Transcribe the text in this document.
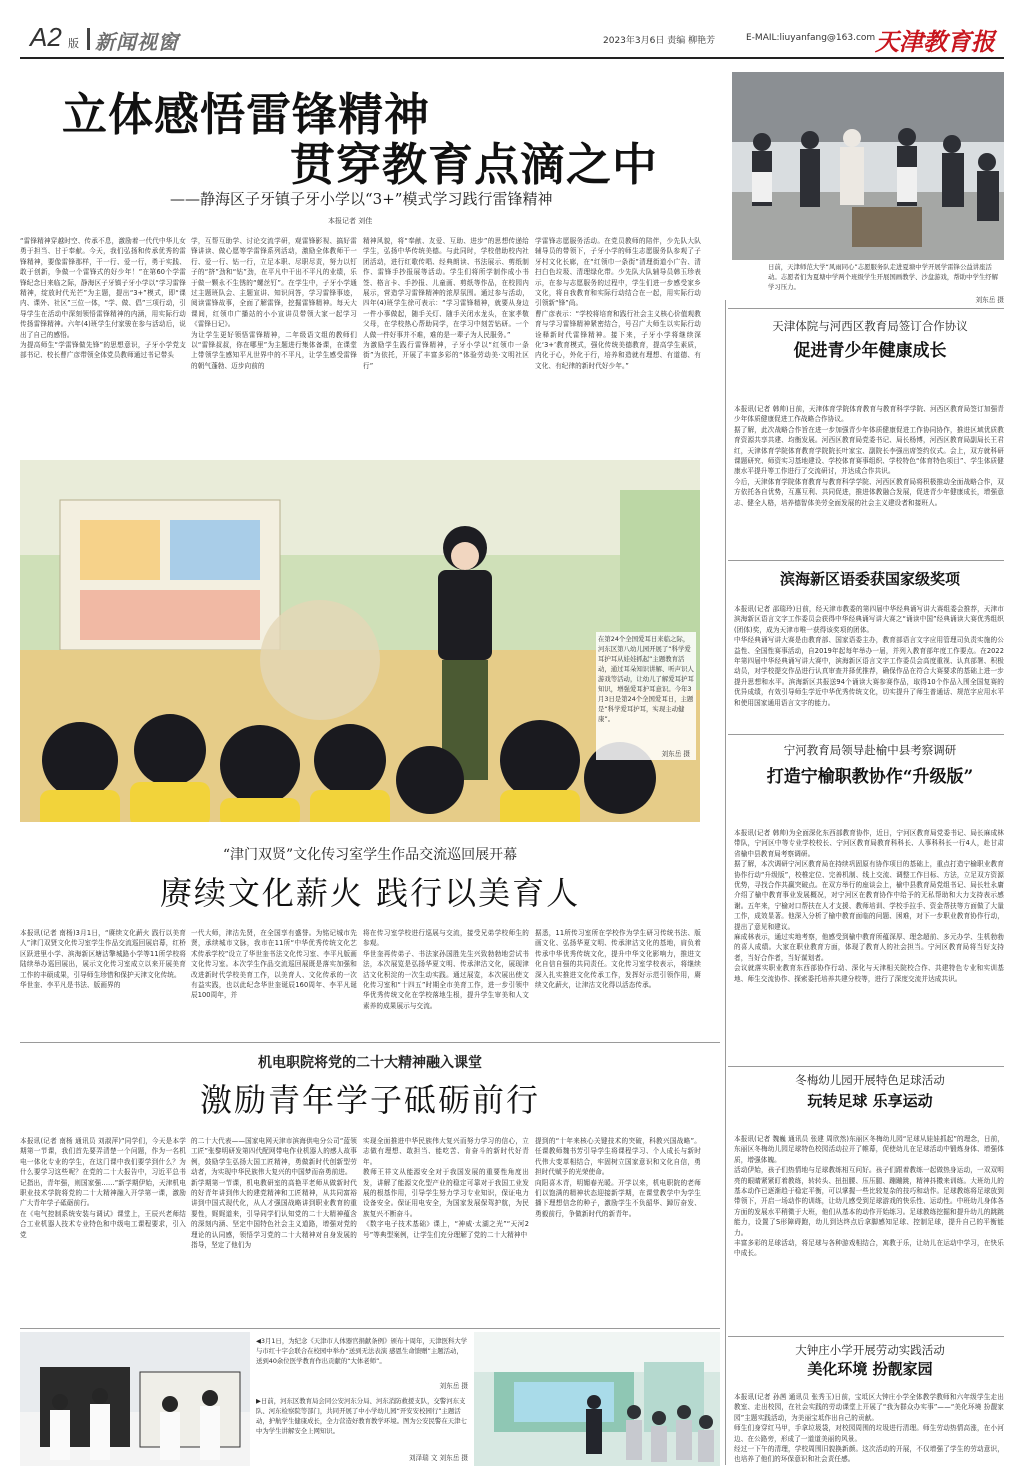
A2 版 新闻视窗	2023年3月6日 责编 柳艳芳	E-MAIL:liuyanfang@163.com 天津教育报
立体感悟雷锋精神
贯穿教育点滴之中
——静海区子牙镇子牙小学以“3+”模式学习践行雷锋精神
本报记者 刘佳
“雷锋精神穿越时空、传承不息，激励着一代代中华儿女勇于担当、甘于奉献。今天，我们弘扬和传承优秀的雷锋精神，要像雷锋那样，干一行、爱一行，勇于实践、敢于创新，争做一个雷锋式的好少年！”在第60个学雷锋纪念日来临之际，静海区子牙镇子牙小学以“学习雷锋精神，绽放时代光芒”为主题，提出“3+”模式，即“课内、课外、社区”三位一体，“学、做、倡”三项行动，引导学生在活动中深刻领悟雷锋精神的内涵，用实际行动传扬雷锋精神。六年(4)班学生付家骏在参与活动后，说出了自己的感悟。
为提高师生“学雷锋做先锋”的思想意识，子牙小学党支部书记、校长曹广彦带领全体党员教师通过书记带头
学，互帮互助学、讨论交流学研，观雷锋影视、搞好雷锋讲读、做心愿等学雷锋系列活动，激励全体教师干一行、爱一行、钻一行，立足本职、尽职尽责，努力以钉子的“挤”劲和“钻”劲，在平凡中干出不平凡的业绩，乐于做一颗永不生锈的“螺丝钉”。在学生中，子牙小学通过主题班队会、主题宣讲、知识问答，学习雷锋事迹，阅读雷锋故事，全面了解雷锋，挖掘雷锋精神。每天大课间，红领巾广播站的小小宣讲员带领大家一起学习《雷锋日记》。
为让学生更好领悟雷锋精神，二年级语文组的教师们以“雷锋叔叔，你在哪里”为主题进行集体备课，在课堂上带领学生感知平凡世界中的不平凡，让学生感受雷锋的朝气蓬勃、迈步向前的
精神风貌，将“奉献、友爱、互助、进步”的思想传递给学生，弘扬中华传统美德。与此同时，学校借助校内社团活动，进行红歌传唱、经典朗读、书法展示、剪纸制作、雷锋手抄报展等活动。学生们将所学制作成小书签、格言卡、手抄报、儿童画、剪纸等作品，在校园内展示，营造学习雷锋精神的浓厚氛围。通过参与活动，四年(4)班学生徐可表示：“学习雷锋精神，就要从身边一件小事做起，随手关灯、随手关闭水龙头，在家孝敬父母，在学校热心帮助同学，在学习中刻苦钻研。一个人做一件好事并不难，难的是一辈子为人民服务。”
为激励学生践行雷锋精神，子牙小学以“红领巾一条街”为依托，开展了丰富多彩的“体验劳动美·文明社区行”
学雷锋志愿服务活动。在党员教师的陪伴，少先队大队辅导员的带领下，子牙小学的师生志愿服务队参观了子牙村文化长廊，在“红领巾一条街”清理街道小广告、清扫白色垃圾、清理绿化带。少先队大队辅导员韩玉珍表示，在参与志愿服务的过程中，学生们进一步感受家乡文化，将自我教育和实际行动结合在一起，用实际行动引领新“锋”尚。
曹广彦表示：“学校将培育和践行社会主义核心价值观教育与学习雷锋精神紧密结合，号召广大师生以实际行动诠释新时代雷锋精神。接下来，子牙小学将继续深化‘3+’教育模式，强化传统美德教育，提高学生素质，内化于心，外化于行，培养和造就有理想、有道德、有文化、有纪律的新时代好少年。”
日前，天津师范大学“风雨同心”志愿服务队走进夏塘中学开展学雷锋公益讲座活动。志愿者们为夏塘中学两个班级学生开展国画教学、沙盘游戏，帮助中学生纾解学习压力。
刘东岳 摄
天津体院与河西区教育局签订合作协议
促进青少年健康成长
本报讯(记者 韩帅)日前，天津体育学院体育教育与教育科学学院、河西区教育局签订加强青少年体质健康促进工作战略合作协议。
据了解，此次战略合作旨在进一步加强青少年体质健康促进工作协同协作，推进区域优质教育资源共享共建、均衡发展。河西区教育局党委书记、局长杨博，河西区教育局副局长王君红，天津体育学院体育教育学院院长叶家宝、副院长李强出席签约仪式。会上，双方就科研课题研究、师资实习基地建设、学校体育赛事组织、学校特色“体育特色项目”、学生体质健康水平提升等工作进行了交流研讨，并达成合作共识。
今后，天津体育学院体育教育与教育科学学院、河西区教育局将积极推动全面战略合作，双方依托各自优势，互惠互利、共同促进，推进体教融合发展，促进青少年健康成长，增强意志、健全人格，培养德智体美劳全面发展的社会主义建设者和接班人。
滨海新区语委获国家级奖项
本报讯(记者 邵瑞玲)日前，经天津市教委的第四届中华经典诵写讲大赛组委会推荐，天津市滨海新区语言文字工作委员会获得中华经典诵写讲大赛之“诵读中国”经典诵读大赛优秀组织(团体)奖，成为天津市唯一获得该奖项的团体。
中华经典诵写讲大赛是由教育部、国家语委主办，教育部语言文字应用管理司负责实施的公益性、全国性赛事活动，自2019年起每年举办一届，并列入教育部年度工作要点。在2022年第四届中华经典诵写讲大赛中，滨海新区语言文字工作委员会高度重视、认真部署、积极动员，对学校提交作品进行认真审查并择优推荐，确保作品在符合大赛要求的基础上进一步提升思想和水平。滨海新区共报送94个诵读大赛参赛作品，取得10个作品入围全国复赛的优异成绩，有效引导师生学近中华优秀传统文化，切实提升了师生普通话、规范字应用水平和使用国家通用语言文字的能力。
宁河教育局领导赴榆中县考察调研
打造宁榆职教协作“升级版”
本报讯(记者 韩帅)为全面深化东西部教育协作，近日，宁河区教育局党委书记、局长麻成林带队，宁河区中等专业学校校长、宁河区教育局教育科科长、人事科科长一行4人，赴甘肃省榆中县教育局考察调研。
据了解，本次调研宁河区教育局在持续巩固原有协作项目的基础上，重点打造宁榆职业教育协作行动“升级版”，校椎定位、完善机制、线上交流、调整工作目标、方法，立足双方资源优势，寻找合作共赢突破点。在双方举行的座谈会上，榆中县教育局党组书记、局长牡永庸介绍了榆中教育事业发展概况，对宁河区在教育协作中给予的无私帮助和大力支持表示感谢。五年来，宁榆对口帮扶在人才支援、教师培训、学校手拉手、资金帮扶等方面做了大量工作，成效显著。他深入分析了榆中教育面临的问题、困难，对下一步职业教育协作行动，提出了意见和建议。
麻成林表示，通过实地考察，他感受到榆中教育所蕴深厚、理念超前、多元办学、生机勃勃的喜人成绩。大家在职业教育方面，体现了教育人的社会担当。宁河区教育局将当好支持者，当好合作者，当好谋划者。
会议就落实职业教育东西部协作行动、深化与天津相关院校合作、共建特色专业和实训基地、师生交流协作、探索委托培养共建分校等，进行了深度交流并达成共识。
冬梅幼儿园开展特色足球活动
玩转足球 乐享运动
本报讯(记者 魏巍 通讯员 张建 周欣然)东丽区冬梅幼儿园“足球从娃娃抓起”的理念，日前，东丽区冬梅幼儿园足球特色校园活动拉开了帷幕，促使幼儿在足球活动中锻炼身体、增强体质，增强体魄。
活动伊始，孩子们热情地与足球教练相互问好。孩子们跟着教练一起做热身运动，一双双明亮的眼睛紧紧盯着教练，转转头、扭扭腰、压压腿、蹦蹦跳，精神抖擞来训练。大班幼儿的基本动作已逐渐趋于稳定平衡，可以掌握一些比较复杂的技巧和动作。足球教练将足球放到带领下，开启一场动作的训练，让幼儿感受到足球游戏的快乐性、运动性。中班幼儿身体各方面的发展水平稍微于大班，他们从基本的动作开始练习。足球教练挖掘和提升幼儿的跳跳能力，设置了S形障碍跑，幼儿到达终点后拿脚感知足球、控制足球，提升自己的平衡能力。
丰富多彩的足球活动，将足球与各种游戏相结合，寓教于乐，让幼儿在运动中学习，在快乐中成长。
大钟庄小学开展劳动实践活动
美化环境 扮靓家园
本报讯(记者 孙茜 通讯员 张秀玉)日前，宝坻区大钟庄小学全体教学教师和六年级学生走出教室、走出校园，在社会实践的劳动课堂上开展了“我为群众办实事”——“美化环境 扮靓家园”主题实践活动，为美丽宝坻作出自己的贡献。
师生们身穿红马甲，手拿垃圾袋，对校园周围的垃圾进行清理。师生劳动热情高涨，在小河边、在公路旁，形成了一道道美丽的风景。
经过一下午的清理，学校周围旧貌换新颜。这次活动的开展，不仅增强了学生的劳动意识，也培养了他们的环保意识和社会责任感。
在第24个全国爱耳日来临之际，河东区第八幼儿园开展了“科学爱耳护耳从娃娃抓起”主题教育活动，通过耳朵知识讲解、听声识人游戏等活动，让幼儿了解爱耳护耳知识，增强爱耳护耳意识。今年3月3日是第24个全国爱耳日，主题是“科学爱耳护耳，实现主动健康”。
刘东岳 摄
“津门双贤”文化传习室学生作品交流巡回展开幕
赓续文化薪火 践行以美育人
本报讯(记者 南杨)3月1日，“赓续文化薪火 践行以美育人”津门双贤文化传习室学生作品交流巡回展启幕，红桥区跃进里小学、滨海新区塘沽擎城路小学等11所学校将陆续举办巡回展出，展示文化传习室成立以来开展美育工作的丰硕成果，引导师生珍惜和保护天津文化传统。
华世奎、李平凡是书法、版画界的
一代大师，津沽先贤，在全国享有盛誉。为铭记城市先贤，承续城市文脉，我市在11所“中华优秀传统文化艺术传承学校”设立了华世奎书法文化传习室、李平凡版画文化传习室。本次学生作品交流巡回展既是落实加强和改进新时代学校美育工作，以美育人、文化传承的一次有益实践，也以此纪念华世奎诞辰160周年、李平凡诞辰100周年，并
将在传习室学校进行巡展与交流，接受兄弟学校师生的参观。
华世奎再传弟子、书法家孙国胜先生兴致勃勃地尝试书法，本次展览是弘扬华夏文明、传承津沽文化，展现津沽文化积淀的一次生动实践。通过展览，本次展出使文化传习室和“十四五”时期全市美育工作，进一步引领中华优秀传统文化在学校落地生根，提升学生审美和人文素养的成果展示与交流。
据悉，11所传习室所在学校作为学生研习传统书法、版画文化、弘扬华夏文明、传承津沽文化的基地，肩负着传承中华优秀传统文化，提升中华文化影响力，推进文化自信自强的共同责任。文化传习室学校表示，将继续深入扎实推进文化传承工作，发挥好示范引领作用，赓续文化薪火，让津沽文化得以活态传承。
机电职院将党的二十大精神融入课堂
激励青年学子砥砺前行
本报讯(记者 南杨 通讯员 刘淑萍)“同学们，今天是本学期第一节课，我们首先要弄清楚一个问题，作为一名机电一体化专业的学生，在这门课中我们要学到什么？为什么要学习这些呢？在党的二十大报告中，习近平总书记指出，青年强，则国家强……”新学期伊始，天津机电职业技术学院将党的二十大精神融入开学第一课，激励广大青年学子砥砺前行。
在《电气控制系统安装与调试》课堂上，王辰兴老师结合工业机器人技术专业特色和中级电工课程要求，引入党
的二十大代表——国家电网天津市滨海供电分公司“蓝领工匠”张黎明研发第四代配网带电作业机器人的感人故事例，鼓励学生弘扬大国工匠精神，勇做新时代创新型劳动者，为实现中华民族伟大复兴的中国梦而奋勇前进。
新学期第一节课，机电教研室的高艳平老师从做新时代的好青年讲到伟大的建党精神和工匠精神，从共同富裕讲到中国式现代化，从人才强国战略讲到职业教育的重要性，娓娓道来，引导同学们认知党的二十大精神蕴含的深刻内涵、坚定中国特色社会主义道路，增强对党的理论的认同感，领悟学习党的二十大精神对自身发展的指导，坚定了他们为
实现全面推进中华民族伟大复兴而努力学习的信心，立志做有理想、敢担当、能吃苦、肯奋斗的新时代好青年。
教师王祥文从能源安全对于我国发展的重要性角度出发，讲解了能源文化型产业的稳定可靠对于我国工业发展的根基作用，引导学生努力学习专业知识，保证电力设备安全。保证用电安全，为国家发展保驾护航，为民族复兴不断奋斗。
《数字电子技术基础》课上，“神威·太湖之光”“天河2号”等典型案例，让学生们充分理解了党的二十大精神中
提到的“十年来核心关键技术的突破，科教兴国战略”。任课教师魏书芳引导学生将课程学习、个人成长与新时代伟大变革相结合，牢固树立国家意识和文化自信，勇担时代赋予的光荣使命。
向阳喜木青，明媚春光暖。开学以来，机电职院的老师们以饱满的精神状态迎接新学期，在课堂教学中为学生播下理想信念的种子，激励学生不负韶华、踔厉奋发、勇毅前行，争做新时代的新青年。
◀3月1日，为纪念《天津市人体器官捐献条例》颁布十周年，天津医科大学与市红十字会联合在校园中举办“送到无法表演 感恩生命馈赠”主题活动，送到40余位医学教育作出贡献的“大体老师”。
刘东岳 摄
▶日前，河东区教育局会同公安河东分局、河东消防救援支队，交警河东支队、河东检察院等部门，共同开展了中小学幼儿园“开安安校园行”主题活动，护航学生健康成长，全力营造好教育教学环境。图为公安民警在天津七中为学生讲解安全上网知识。
刘泽瑞 文 刘东岳 摄
